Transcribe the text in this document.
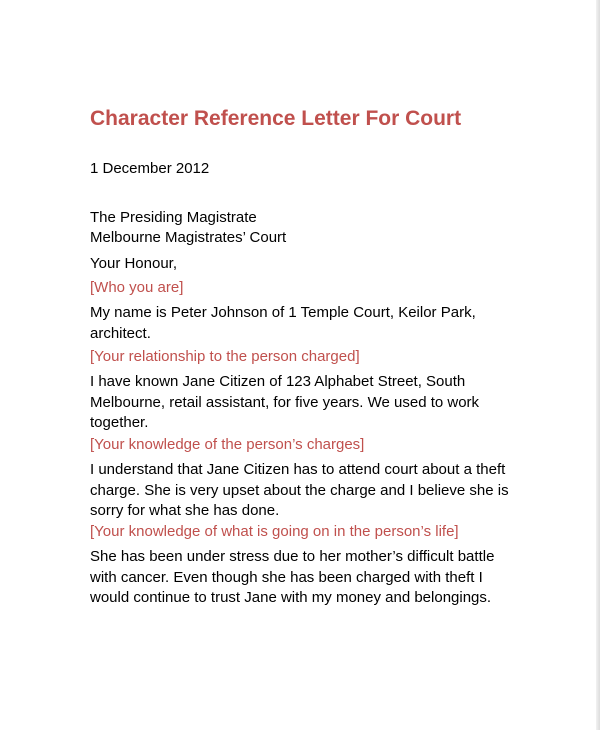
Character Reference Letter For Court

1 December 2012

The Presiding Magistrate

Melbourne Magistrates’ Court

Your Honour,

[Who you are]

My name is Peter Johnson of 1 Temple Court, Keilor Park, architect.

[Your relationship to the person charged]

I have known Jane Citizen of 123 Alphabet Street, South Melbourne, retail assistant, for five years. We used to work together.

[Your knowledge of the person’s charges]

I understand that Jane Citizen has to attend court about a theft charge. She is very upset about the charge and I believe she is sorry for what she has done.

[Your knowledge of what is going on in the person’s life]

She has been under stress due to her mother’s difficult battle with cancer. Even though she has been charged with theft I would continue to trust Jane with my money and belongings.
